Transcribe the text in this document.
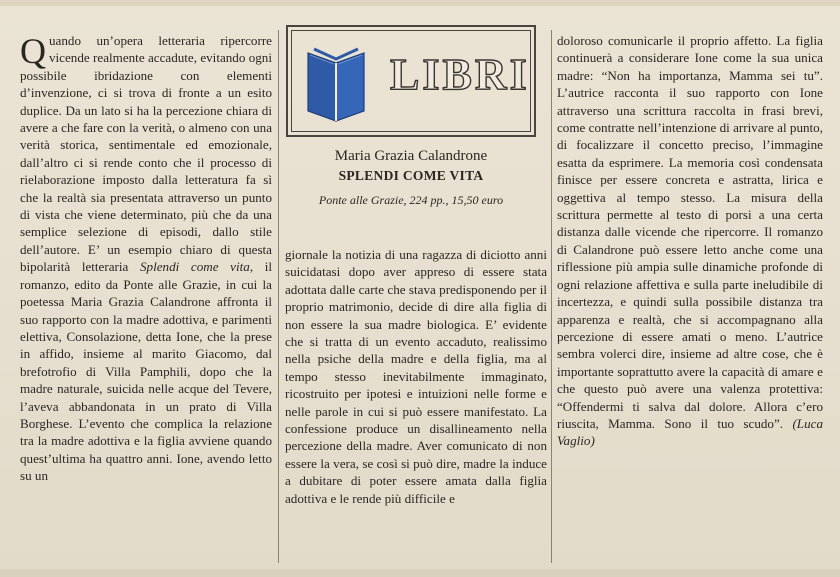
Quando un’opera letteraria ripercorre vicende realmente accadute, evitando ogni possibile ibridazione con elementi d’invenzione, ci si trova di fronte a un esito duplice. Da un lato si ha la percezione chiara di avere a che fare con la verità, o almeno con una verità storica, sentimentale ed emozionale, dall’altro ci si rende conto che il processo di rielaborazione imposto dalla letteratura fa sì che la realtà sia presentata attraverso un punto di vista che viene determinato, più che da una semplice selezione di episodi, dallo stile dell’autore. E’ un esempio chiaro di questa bipolarità letteraria Splendi come vita, il romanzo, edito da Ponte alle Grazie, in cui la poetessa Maria Grazia Calandrone affronta il suo rapporto con la madre adottiva, e parimenti elettiva, Consolazione, detta Ione, che la prese in affido, insieme al marito Giacomo, dal brefotrofio di Villa Pamphili, dopo che la madre naturale, suicida nelle acque del Tevere, l’aveva abbandonata in un prato di Villa Borghese. L’evento che complica la relazione tra la madre adottiva e la figlia avviene quando quest’ultima ha quattro anni. Ione, avendo letto su un

LIBRI
Maria Grazia Calandrone
SPLENDI COME VITA
Ponte alle Grazie, 224 pp., 15,50 euro

giornale la notizia di una ragazza di diciotto anni suicidatasi dopo aver appreso di essere stata adottata dalle carte che stava predisponendo per il proprio matrimonio, decide di dire alla figlia di non essere la sua madre biologica. E’ evidente che si tratta di un evento accaduto, realissimo nella psiche della madre e della figlia, ma al tempo stesso inevitabilmente immaginato, ricostruito per ipotesi e intuizioni nelle forme e nelle parole in cui si può essere manifestato. La confessione produce un disallineamento nella percezione della madre. Aver comunicato di non essere la vera, se così si può dire, madre la induce a dubitare di poter essere amata dalla figlia adottiva e le rende più difficile e

doloroso comunicarle il proprio affetto. La figlia continuerà a considerare Ione come la sua unica madre: “Non ha importanza, Mamma sei tu”. L’autrice racconta il suo rapporto con Ione attraverso una scrittura raccolta in frasi brevi, come contratte nell’intenzione di arrivare al punto, di focalizzare il concetto preciso, l’immagine esatta da esprimere. La memoria così condensata finisce per essere concreta e astratta, lirica e oggettiva al tempo stesso. La misura della scrittura permette al testo di porsi a una certa distanza dalle vicende che ripercorre. Il romanzo di Calandrone può essere letto anche come una riflessione più ampia sulle dinamiche profonde di ogni relazione affettiva e sulla parte ineludibile di incertezza, e quindi sulla possibile distanza tra apparenza e realtà, che si accompagnano alla percezione di essere amati o meno. L’autrice sembra volerci dire, insieme ad altre cose, che è importante soprattutto avere la capacità di amare e che questo può avere una valenza protettiva: “Offendermi ti salva dal dolore. Allora c’ero riuscita, Mamma. Sono il tuo scudo”. (Luca Vaglio)
